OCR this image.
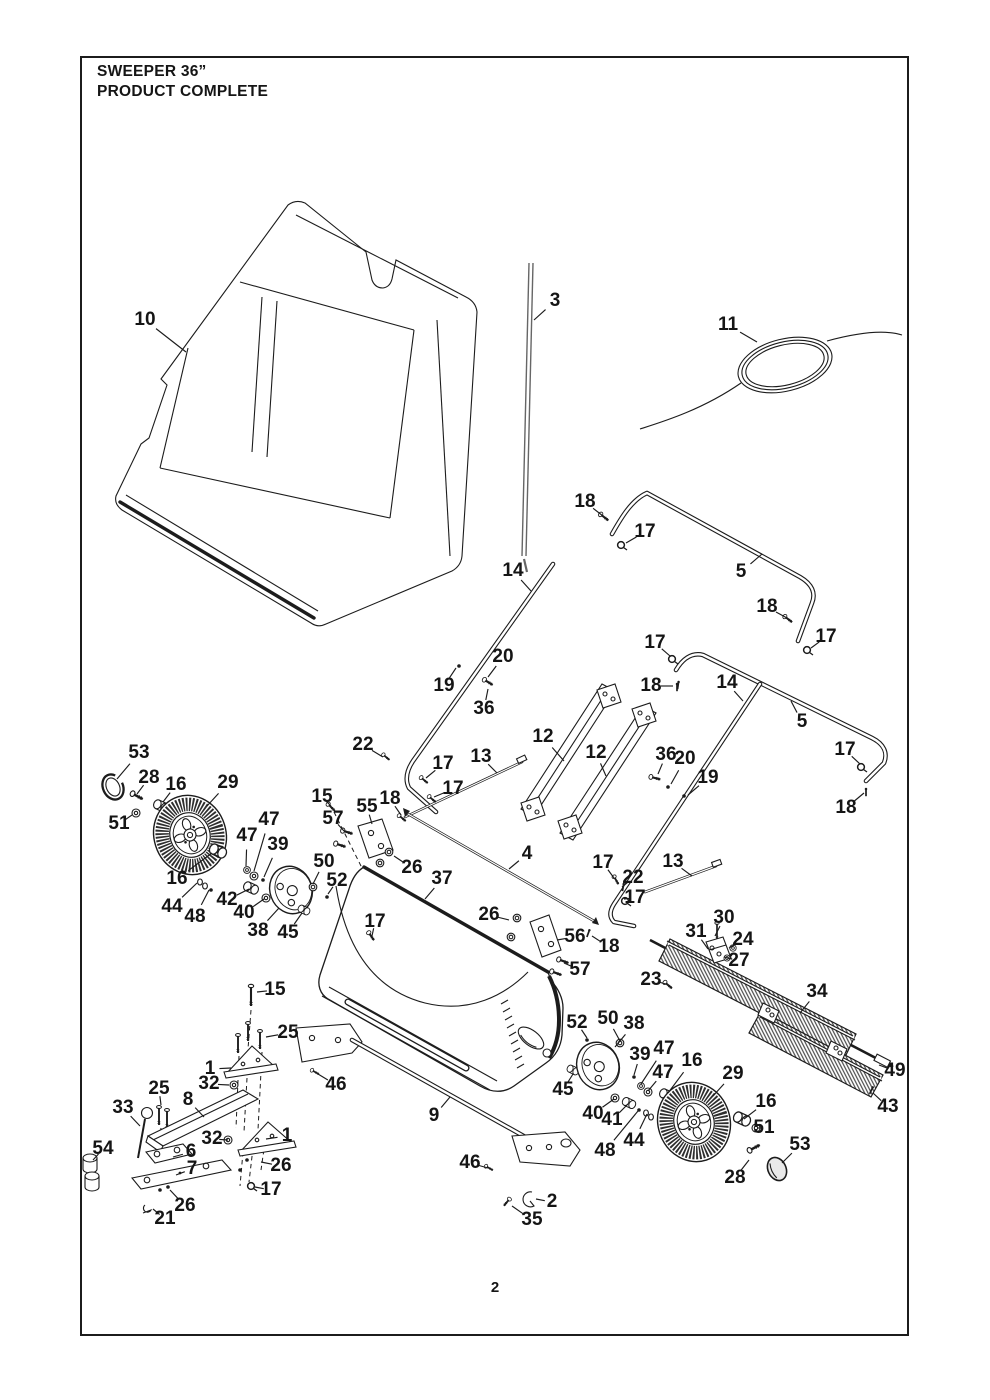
SWEEPER 36”
PRODUCT COMPLETE
10
3
11
18
17
5
18
17
14
20
19
36
17
18	14
5
17
18
22
17 13
17
12
12	36
20
19
53
28 16 29
51
16
47
47 39
44 48
42
40
38 45
15
57
55 18
50
52
26
37
17
4
26
56 18
57
17
22
17
13
30
31 24
27
23
34
49
43
15
25
1
32
25
8
33
54	32	1
6
7	26
17
26
21
46
9
46
2
35
52 50 38
39 47
47
16
29
45
40
41
44
48
16
51
53
28
2
